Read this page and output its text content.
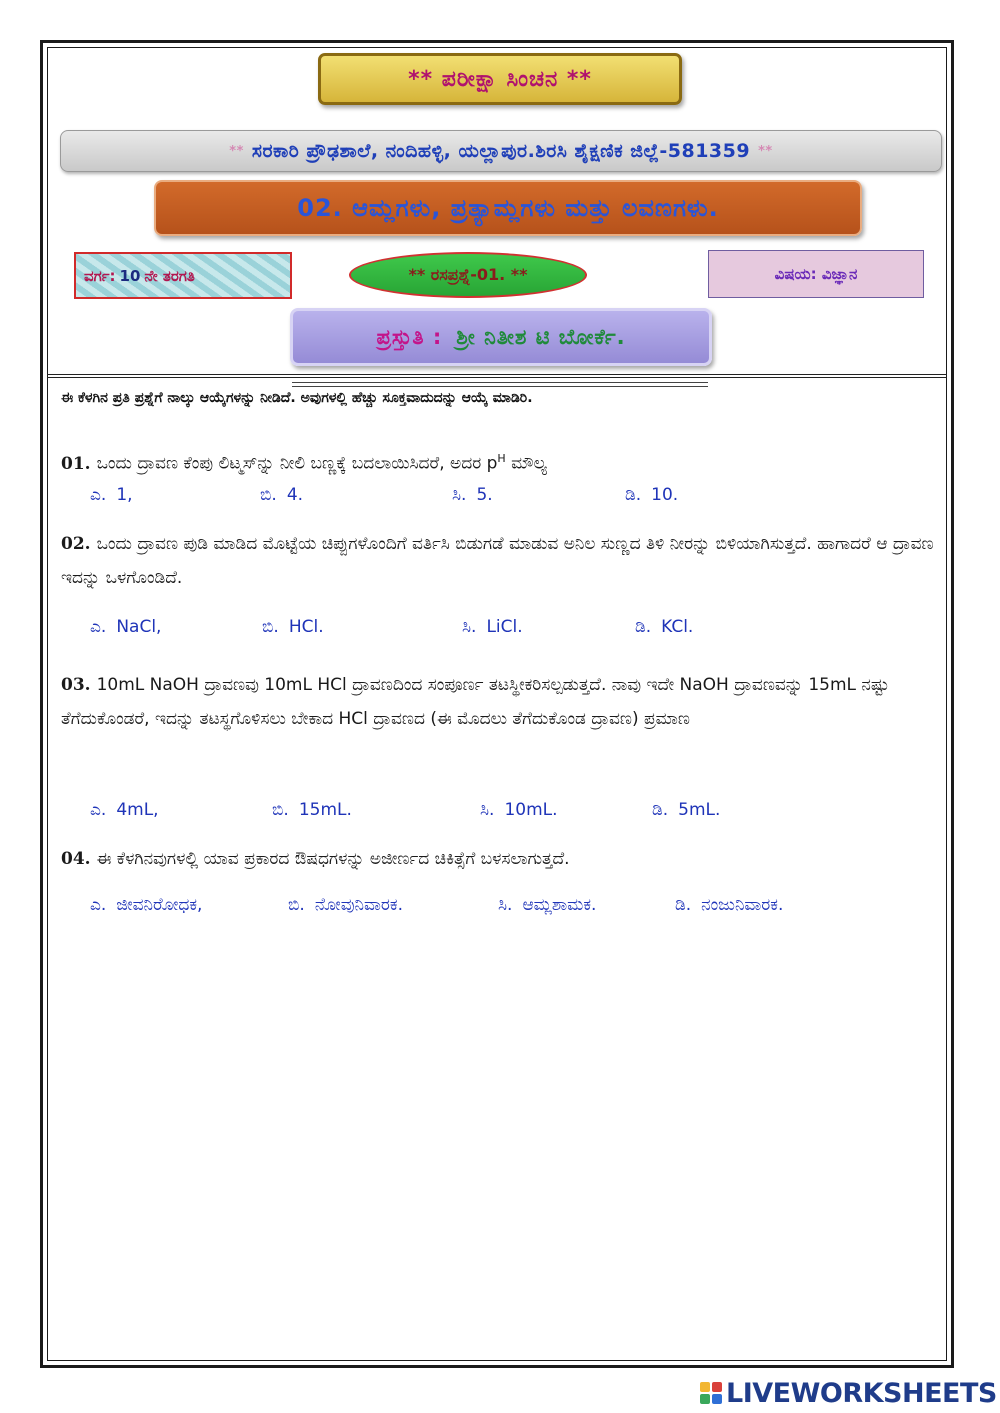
** ಪರೀಕ್ಷಾ ಸಿಂಚನ **
** ಸರಕಾರಿ ಪ್ರೌಢಶಾಲೆ, ನಂದಿಹಳ್ಳಿ, ಯಲ್ಲಾಪುರ.ಶಿರಸಿ ಶೈಕ್ಷಣಿಕ ಜಿಲ್ಲೆ-581359 **
02. ಆಮ್ಲಗಳು, ಪ್ರತ್ಯಾಮ್ಲಗಳು ಮತ್ತು ಲವಣಗಳು.
ವರ್ಗ: 10 ನೇ ತರಗತಿ	** ರಸಪ್ರಶ್ನೆ-01. **	ವಿಷಯ: ವಿಜ್ಞಾನ
ಪ್ರಸ್ತುತಿ : ಶ್ರೀ ನಿತೀಶ ಟಿ ಬೋರ್ಕೆ.
ಈ ಕೆಳಗಿನ ಪ್ರತಿ ಪ್ರಶ್ನೆಗೆ ನಾಲ್ಕು ಆಯ್ಕೆಗಳನ್ನು ನೀಡಿದೆ. ಅವುಗಳಲ್ಲಿ ಹೆಚ್ಚು ಸೂಕ್ತವಾದುದನ್ನು ಆಯ್ಕೆ ಮಾಡಿರಿ.
01. ಒಂದು ದ್ರಾವಣ ಕೆಂಪು ಲಿಟ್ಮಸ್‌ನ್ನು ನೀಲಿ ಬಣ್ಣಕ್ಕೆ ಬದಲಾಯಿಸಿದರೆ, ಅದರ $p^H$ ಮೌಲ್ಯ
ಎ. 1,	ಬಿ. 4.	ಸಿ. 5.	ಡಿ. 10.
02. ಒಂದು ದ್ರಾವಣ ಪುಡಿ ಮಾಡಿದ ಮೊಟ್ಟೆಯ ಚಿಪ್ಪುಗಳೊಂದಿಗೆ ವರ್ತಿಸಿ ಬಿಡುಗಡೆ ಮಾಡುವ ಅನಿಲ ಸುಣ್ಣದ ತಿಳಿ ನೀರನ್ನು ಬಿಳಿಯಾಗಿಸುತ್ತದೆ. ಹಾಗಾದರೆ ಆ ದ್ರಾವಣ ಇದನ್ನು ಒಳಗೊಂಡಿದೆ.
ಎ. NaCl,	ಬಿ. HCl.	ಸಿ. LiCl.	ಡಿ. KCl.
03. 10mL NaOH ದ್ರಾವಣವು 10mL HCl ದ್ರಾವಣದಿಂದ ಸಂಪೂರ್ಣ ತಟಸ್ಥೀಕರಿಸಲ್ಪಡುತ್ತದೆ. ನಾವು ಇದೇ NaOH ದ್ರಾವಣವನ್ನು 15mL ನಷ್ಟು ತೆಗೆದುಕೊಂಡರೆ, ಇದನ್ನು ತಟಸ್ಥಗೊಳಿಸಲು ಬೇಕಾದ HCl ದ್ರಾವಣದ (ಈ ಮೊದಲು ತೆಗೆದುಕೊಂಡ ದ್ರಾವಣ) ಪ್ರಮಾಣ
ಎ. 4mL,	ಬಿ. 15mL.	ಸಿ. 10mL.	ಡಿ. 5mL.
04. ಈ ಕೆಳಗಿನವುಗಳಲ್ಲಿ ಯಾವ ಪ್ರಕಾರದ ಔಷಧಗಳನ್ನು ಅಜೀರ್ಣದ ಚಿಕಿತ್ಸೆಗೆ ಬಳಸಲಾಗುತ್ತದೆ.
ಎ. ಜೀವನಿರೋಧಕ,	ಬಿ. ನೋವುನಿವಾರಕ.	ಸಿ. ಆಮ್ಲಶಾಮಕ.	ಡಿ. ನಂಜುನಿವಾರಕ.
LIVEWORKSHEETS
